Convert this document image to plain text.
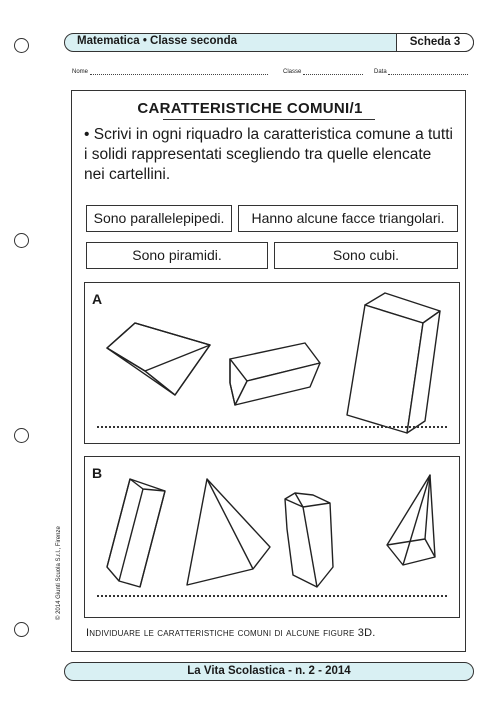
Matematica • Classe seconda	Scheda 3
Nome	Classe	Data
CARATTERISTICHE COMUNI/1
• Scrivi in ogni riquadro la caratteristica comune a tutti i solidi rappresentati scegliendo tra quelle elencate nei cartellini.
Sono parallelepipedi.	Hanno alcune facce triangolari.
Sono piramidi.	Sono cubi.
A
B
Individuare le caratteristiche comuni di alcune figure 3D.
© 2014 Giunti Scuola S.r.l., Firenze
La Vita Scolastica - n. 2 - 2014
